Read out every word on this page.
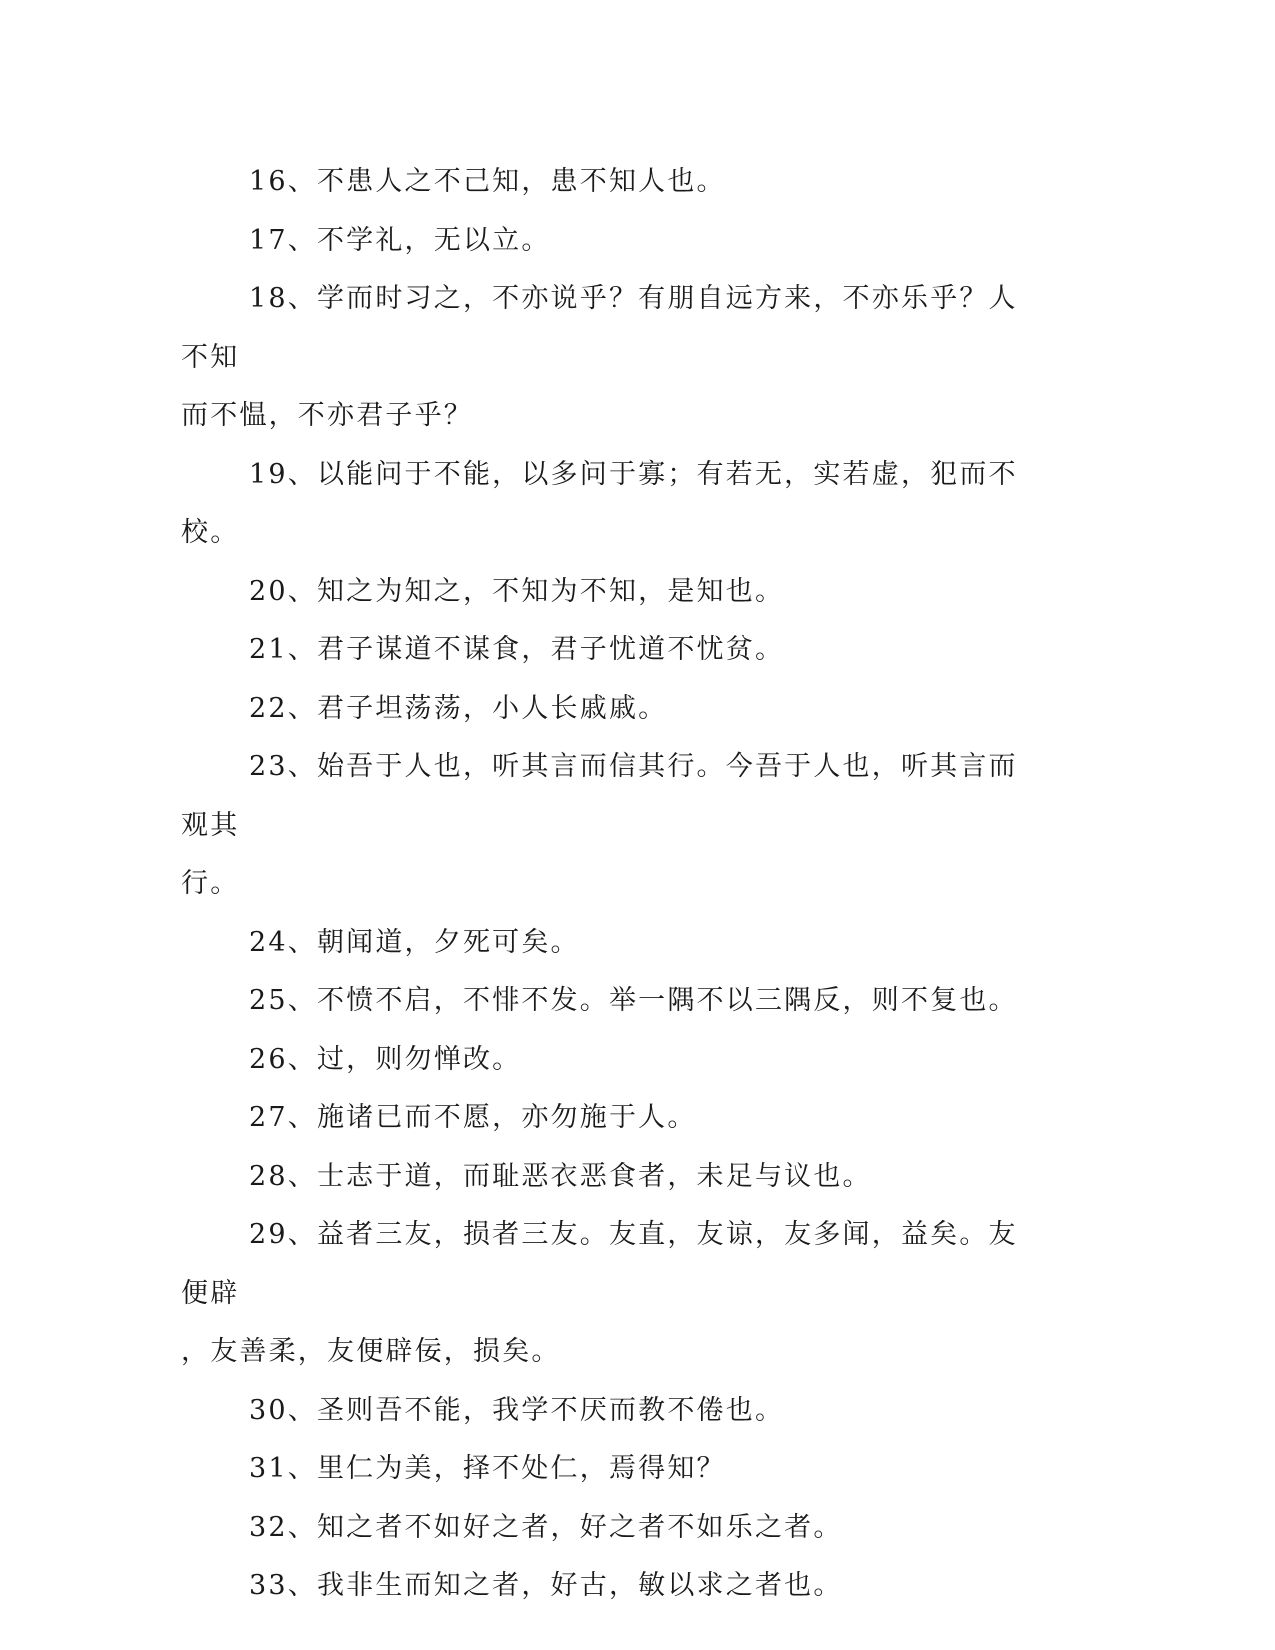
16、不患人之不己知，患不知人也。

17、不学礼，无以立。

18、学而时习之，不亦说乎？有朋自远方来，不亦乐乎？人不知

而不愠，不亦君子乎？

19、以能问于不能，以多问于寡；有若无，实若虚，犯而不校。

20、知之为知之，不知为不知，是知也。

21、君子谋道不谋食，君子忧道不忧贫。

22、君子坦荡荡，小人长戚戚。

23、始吾于人也，听其言而信其行。今吾于人也，听其言而观其

行。

24、朝闻道，夕死可矣。

25、不愤不启，不悱不发。举一隅不以三隅反，则不复也。

26、过，则勿惮改。

27、施诸已而不愿，亦勿施于人。

28、士志于道，而耻恶衣恶食者，未足与议也。

29、益者三友，损者三友。友直，友谅，友多闻，益矣。友便辟

，友善柔，友便辟佞，损矣。

30、圣则吾不能，我学不厌而教不倦也。

31、里仁为美，择不处仁，焉得知？

32、知之者不如好之者，好之者不如乐之者。

33、我非生而知之者，好古，敏以求之者也。
